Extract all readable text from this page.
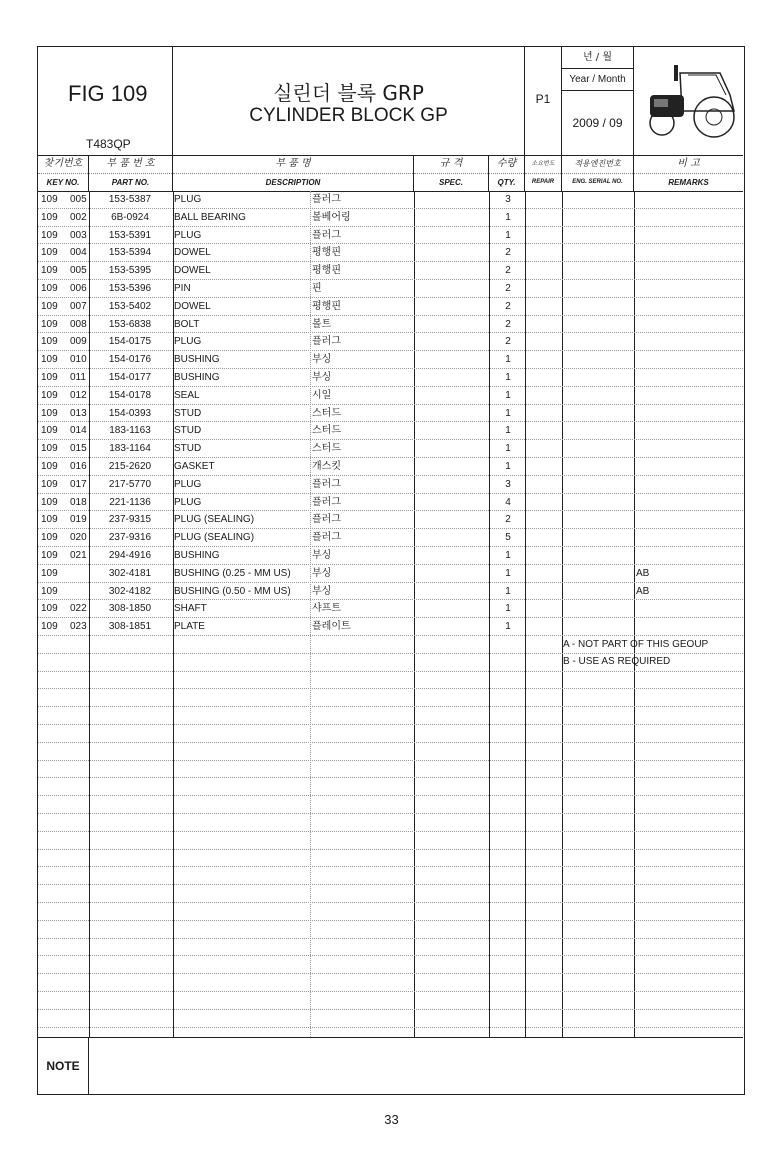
FIG 109
T483QP
실린더 블록 GRP
CYLINDER BLOCK GP
P1
년 / 월
Year / Month
2009 / 09
찾기번호
KEY NO.
부 품 번 호
PART NO.
부 품 명
DESCRIPTION
규 격
SPEC.
수량
QTY.
소요번도
REPAIR
적용엔진번호
ENG. SERIAL NO.
비 고
REMARKS
A - NOT PART OF THIS GEOUP
B - USE AS REQUIRED
109 005	153-5387	PLUG	플러그	3
109 002	6B-0924	BALL BEARING	볼베어링	1
109 003	153-5391	PLUG	플러그	1
109 004	153-5394	DOWEL	평행핀	2
109 005	153-5395	DOWEL	평행핀	2
109 006	153-5396	PIN	핀	2
109 007	153-5402	DOWEL	평행핀	2
109 008	153-6838	BOLT	볼트	2
109 009	154-0175	PLUG	플러그	2
109 010	154-0176	BUSHING	부싱	1
109 011	154-0177	BUSHING	부싱	1
109 012	154-0178	SEAL	시일	1
109 013	154-0393	STUD	스터드	1
109 014	183-1163	STUD	스터드	1
109 015	183-1164	STUD	스터드	1
109 016	215-2620	GASKET	개스킷	1
109 017	217-5770	PLUG	플러그	3
109 018	221-1136	PLUG	플러그	4
109 019	237-9315	PLUG (SEALING)	플러그	2
109 020	237-9316	PLUG (SEALING)	플러그	5
109 021	294-4916	BUSHING	부싱	1
109	302-4181	BUSHING (0.25 - MM US) 부싱	1	AB
109	302-4182	BUSHING (0.50 - MM US) 부싱	1	AB
109 022	308-1850	SHAFT	샤프트	1
109 023	308-1851	PLATE	플레이트	1
NOTE
33
